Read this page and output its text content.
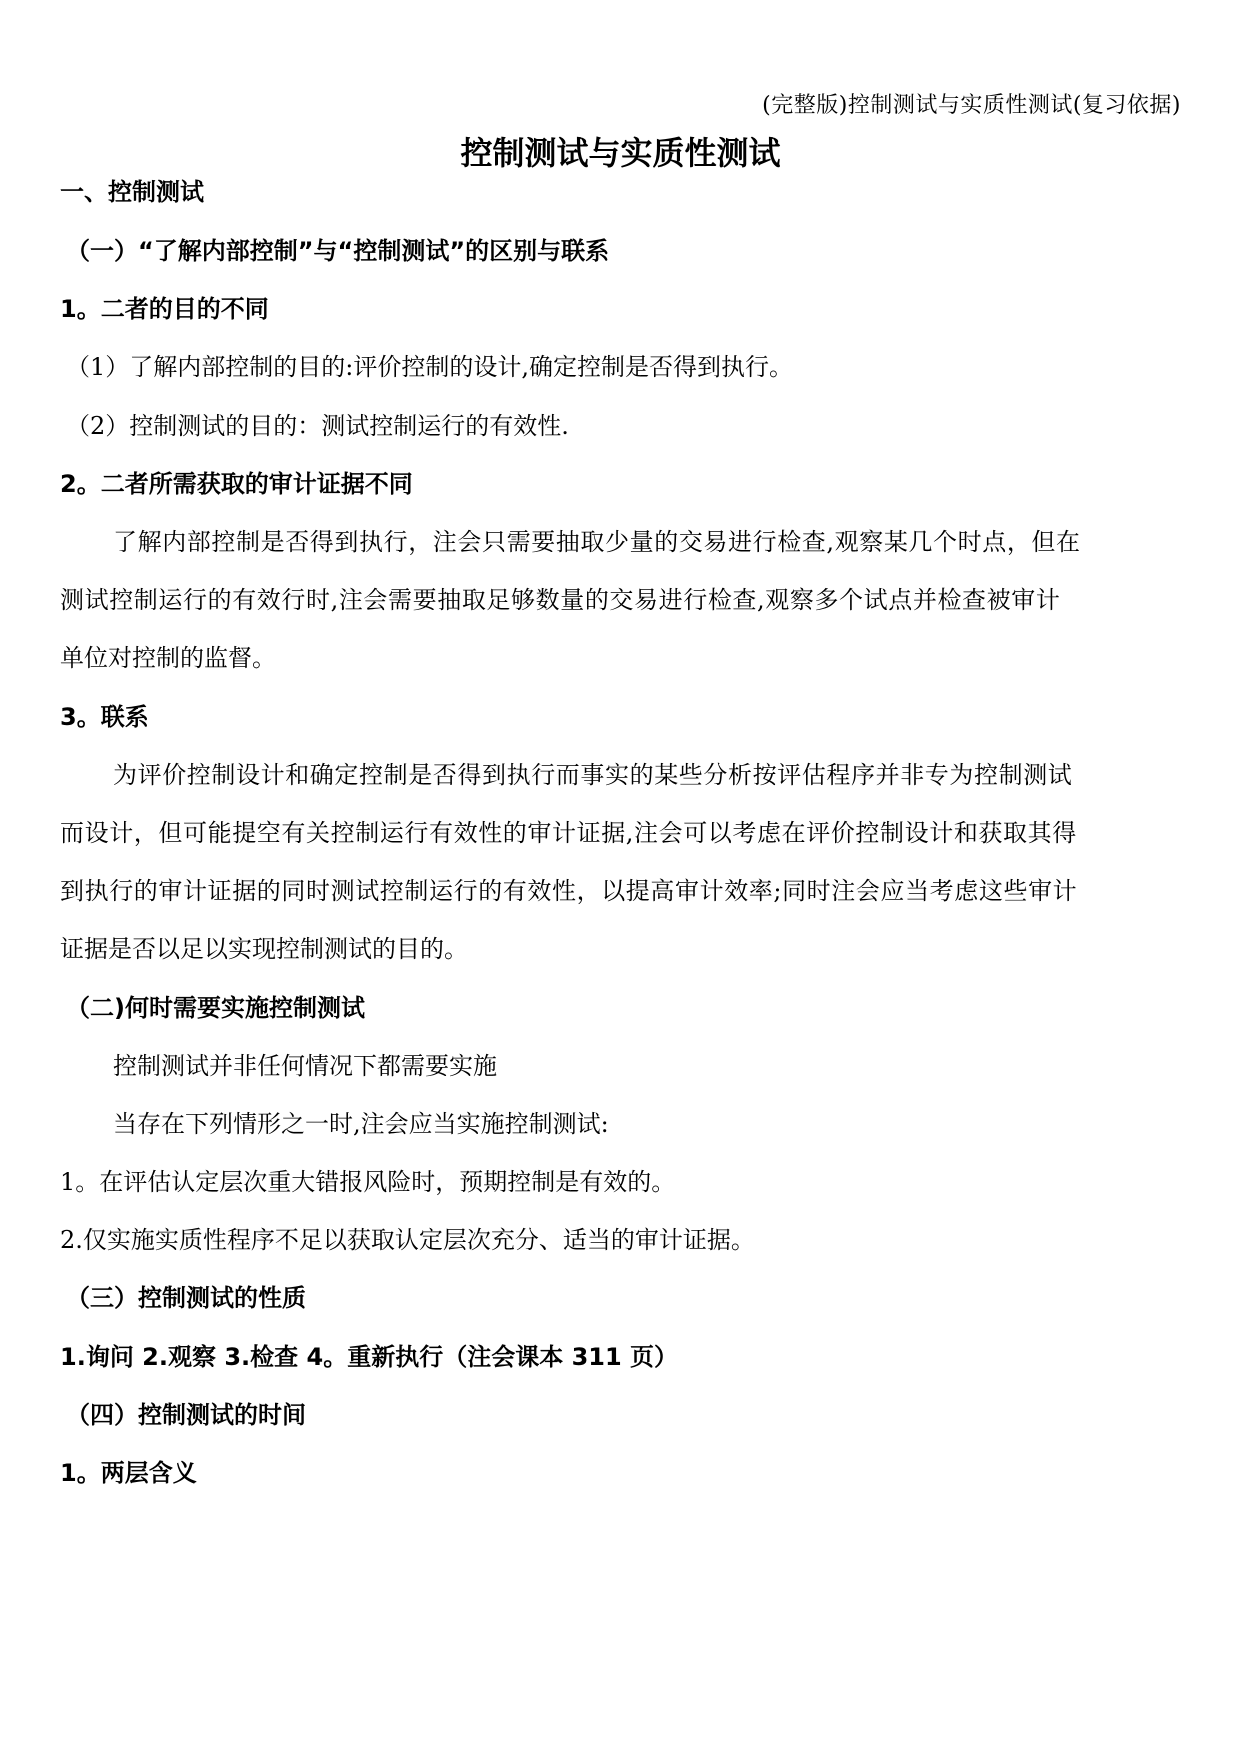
(完整版)控制测试与实质性测试(复习依据)
控制测试与实质性测试
一、控制测试
（一）“了解内部控制”与“控制测试”的区别与联系
1。二者的目的不同
（1）了解内部控制的目的:评价控制的设计,确定控制是否得到执行。
（2）控制测试的目的：测试控制运行的有效性.
2。二者所需获取的审计证据不同
了解内部控制是否得到执行，注会只需要抽取少量的交易进行检查,观察某几个时点，但在
测试控制运行的有效行时,注会需要抽取足够数量的交易进行检查,观察多个试点并检查被审计
单位对控制的监督。
3。联系
为评价控制设计和确定控制是否得到执行而事实的某些分析按评估程序并非专为控制测试
而设计，但可能提空有关控制运行有效性的审计证据,注会可以考虑在评价控制设计和获取其得
到执行的审计证据的同时测试控制运行的有效性，以提高审计效率;同时注会应当考虑这些审计
证据是否以足以实现控制测试的目的。
（二)何时需要实施控制测试
控制测试并非任何情况下都需要实施
当存在下列情形之一时,注会应当实施控制测试:
1。在评估认定层次重大错报风险时，预期控制是有效的。
2.仅实施实质性程序不足以获取认定层次充分、适当的审计证据。
（三）控制测试的性质
1.询问 2.观察 3.检查 4。重新执行（注会课本 311 页）
（四）控制测试的时间
1。两层含义
